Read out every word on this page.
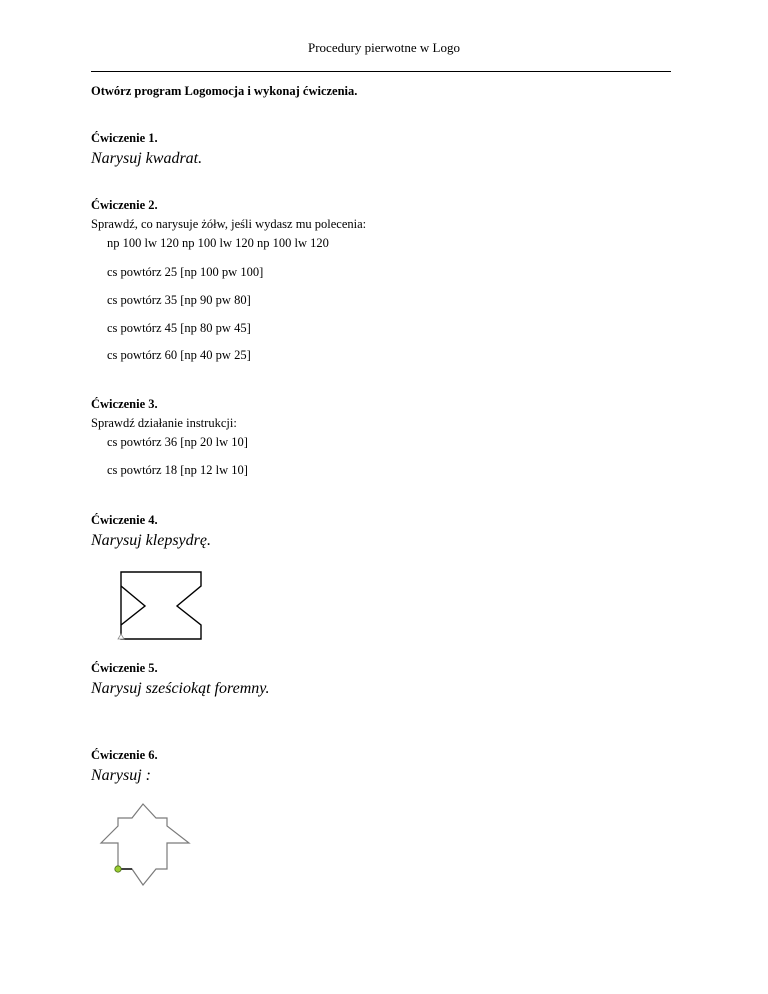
Procedury pierwotne w Logo
Otwórz program Logomocja i wykonaj ćwiczenia.
Ćwiczenie 1.
Narysuj kwadrat.
Ćwiczenie 2.
Sprawdź, co narysuje żółw, jeśli wydasz mu polecenia:
np 100 lw 120 np 100 lw 120 np 100 lw 120
cs powtórz 25 [np 100 pw 100]
cs powtórz 35 [np 90 pw 80]
cs powtórz 45 [np 80 pw 45]
cs powtórz 60 [np 40 pw 25]
Ćwiczenie 3.
Sprawdź działanie instrukcji:
cs powtórz 36 [np 20 lw 10]
cs powtórz 18 [np 12 lw 10]
Ćwiczenie 4.
Narysuj klepsydrę.
Ćwiczenie 5.
Narysuj sześciokąt foremny.
Ćwiczenie 6.
Narysuj :
